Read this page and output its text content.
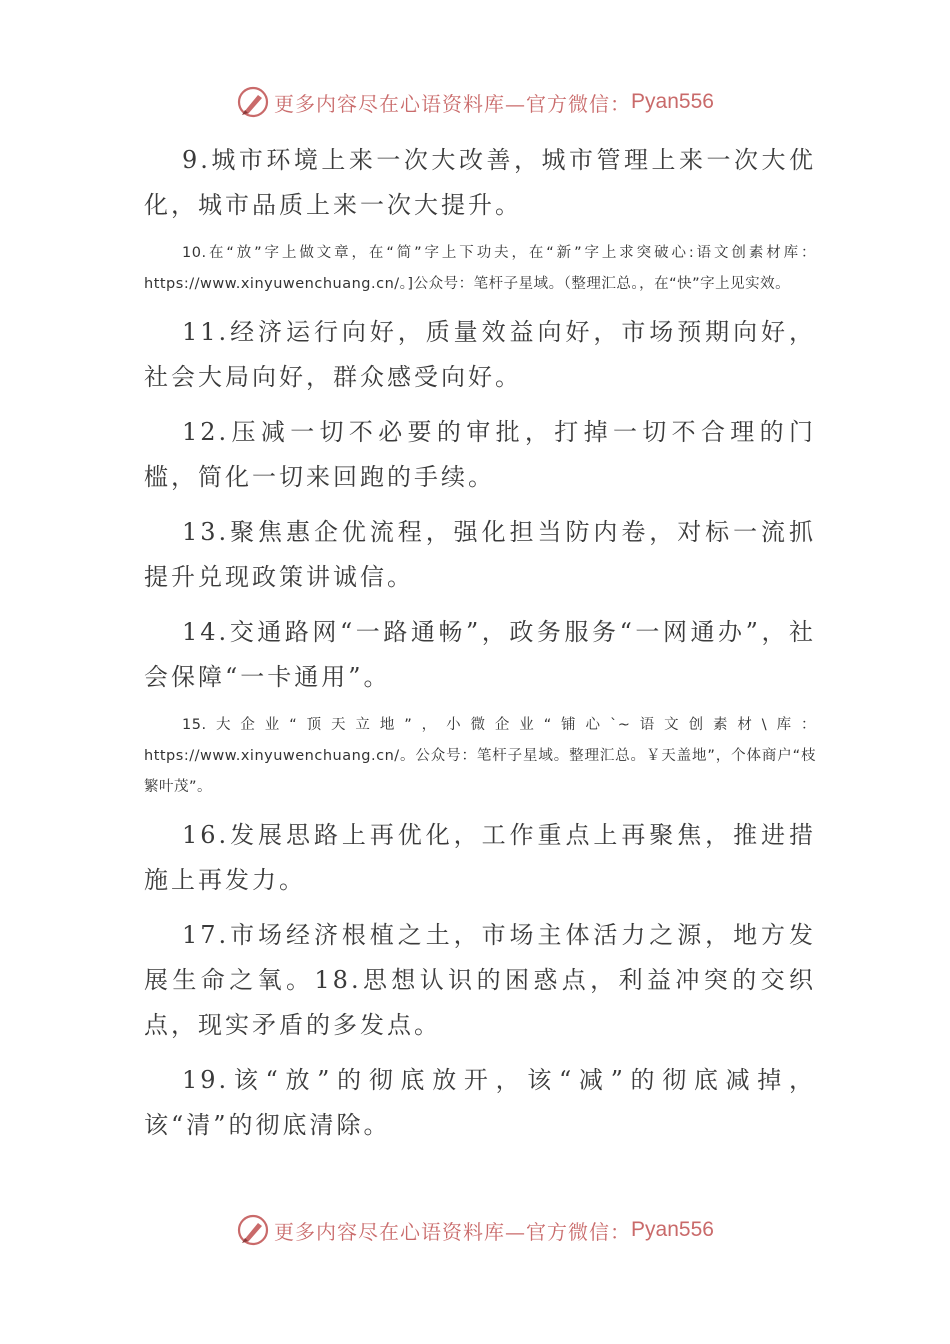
更多内容尽在心语资料库—官方微信： Pyan556

9.城市环境上来一次大改善，城市管理上来一次大优化，城市品质上来一次大提升。

10.在“放”字上做文章，在“简”字上下功夫，在“新”字上求突破心:语文创素材库：https://www.xinyuwenchuang.cn/。]公众号：笔杆子星域。（整理汇总。，在“快”字上见实效。

11.经济运行向好，质量效益向好，市场预期向好，社会大局向好，群众感受向好。

12.压减一切不必要的审批，打掉一切不合理的门槛，简化一切来回跑的手续。

13.聚焦惠企优流程，强化担当防内卷，对标一流抓提升兑现政策讲诚信。

14.交通路网“一路通畅”，政务服务“一网通办”，社会保障“一卡通用”。

15.大企业“顶天立地”，小微企业“铺心`~语文创素材\库：https://www.xinyuwenchuang.cn/。公众号：笔杆子星域。整理汇总。￥天盖地”，个体商户“枝繁叶茂”。

16.发展思路上再优化，工作重点上再聚焦，推进措施上再发力。

17.市场经济根植之土，市场主体活力之源，地方发展生命之氧。18.思想认识的困惑点，利益冲突的交织点，现实矛盾的多发点。

19.该“放”的彻底放开，该“减”的彻底减掉，该“清”的彻底清除。

更多内容尽在心语资料库—官方微信： Pyan556
